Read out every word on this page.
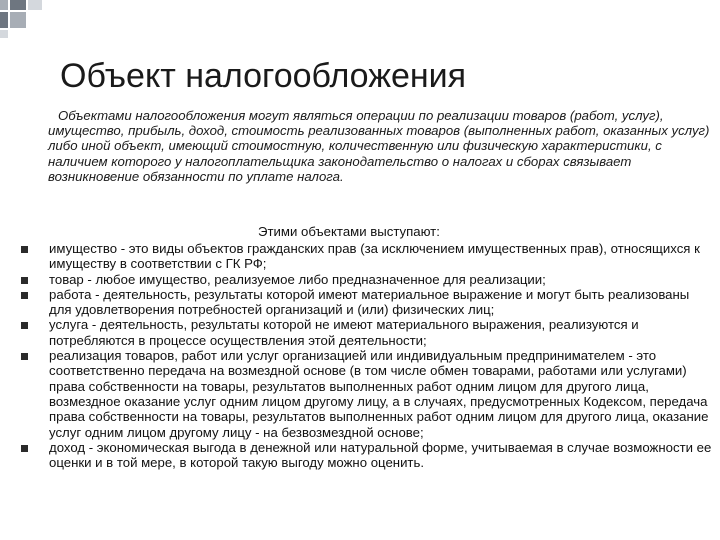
Объект налогообложения

Объектами налогообложения могут являться операции по реализации товаров (работ, услуг), имущество, прибыль, доход, стоимость реализованных товаров (выполненных работ, оказанных услуг) либо иной объект, имеющий стоимостную, количественную или физическую характеристики, с наличием которого у налогоплательщика законодательство о налогах и сборах связывает возникновение обязанности по уплате налога.

Этими объектами выступают:
имущество - это виды объектов гражданских прав (за исключением имущественных прав), относящихся к имуществу в соответствии с ГК РФ;
товар - любое имущество, реализуемое либо предназначенное для реализации;
работа - деятельность, результаты которой имеют материальное выражение и могут быть реализованы для удовлетворения потребностей организаций и (или) физических лиц;
услуга - деятельность, результаты которой не имеют материального выражения, реализуются и потребляются в процессе осуществления этой деятельности;
реализация товаров, работ или услуг организацией или индивидуальным предпринимателем - это соответственно передача на возмездной основе (в том числе обмен товарами, работами или услугами) права собственности на товары, результатов выполненных работ одним лицом для другого лица, возмездное оказание услуг одним лицом другому лицу, а в случаях, предусмотренных Кодексом, передача права собственности на товары, результатов выполненных работ одним лицом для другого лица, оказание услуг одним лицом другому лицу - на безвозмездной основе;
доход - экономическая выгода в денежной или натуральной форме, учитываемая в случае возможности ее оценки и в той мере, в которой такую выгоду можно оценить.
